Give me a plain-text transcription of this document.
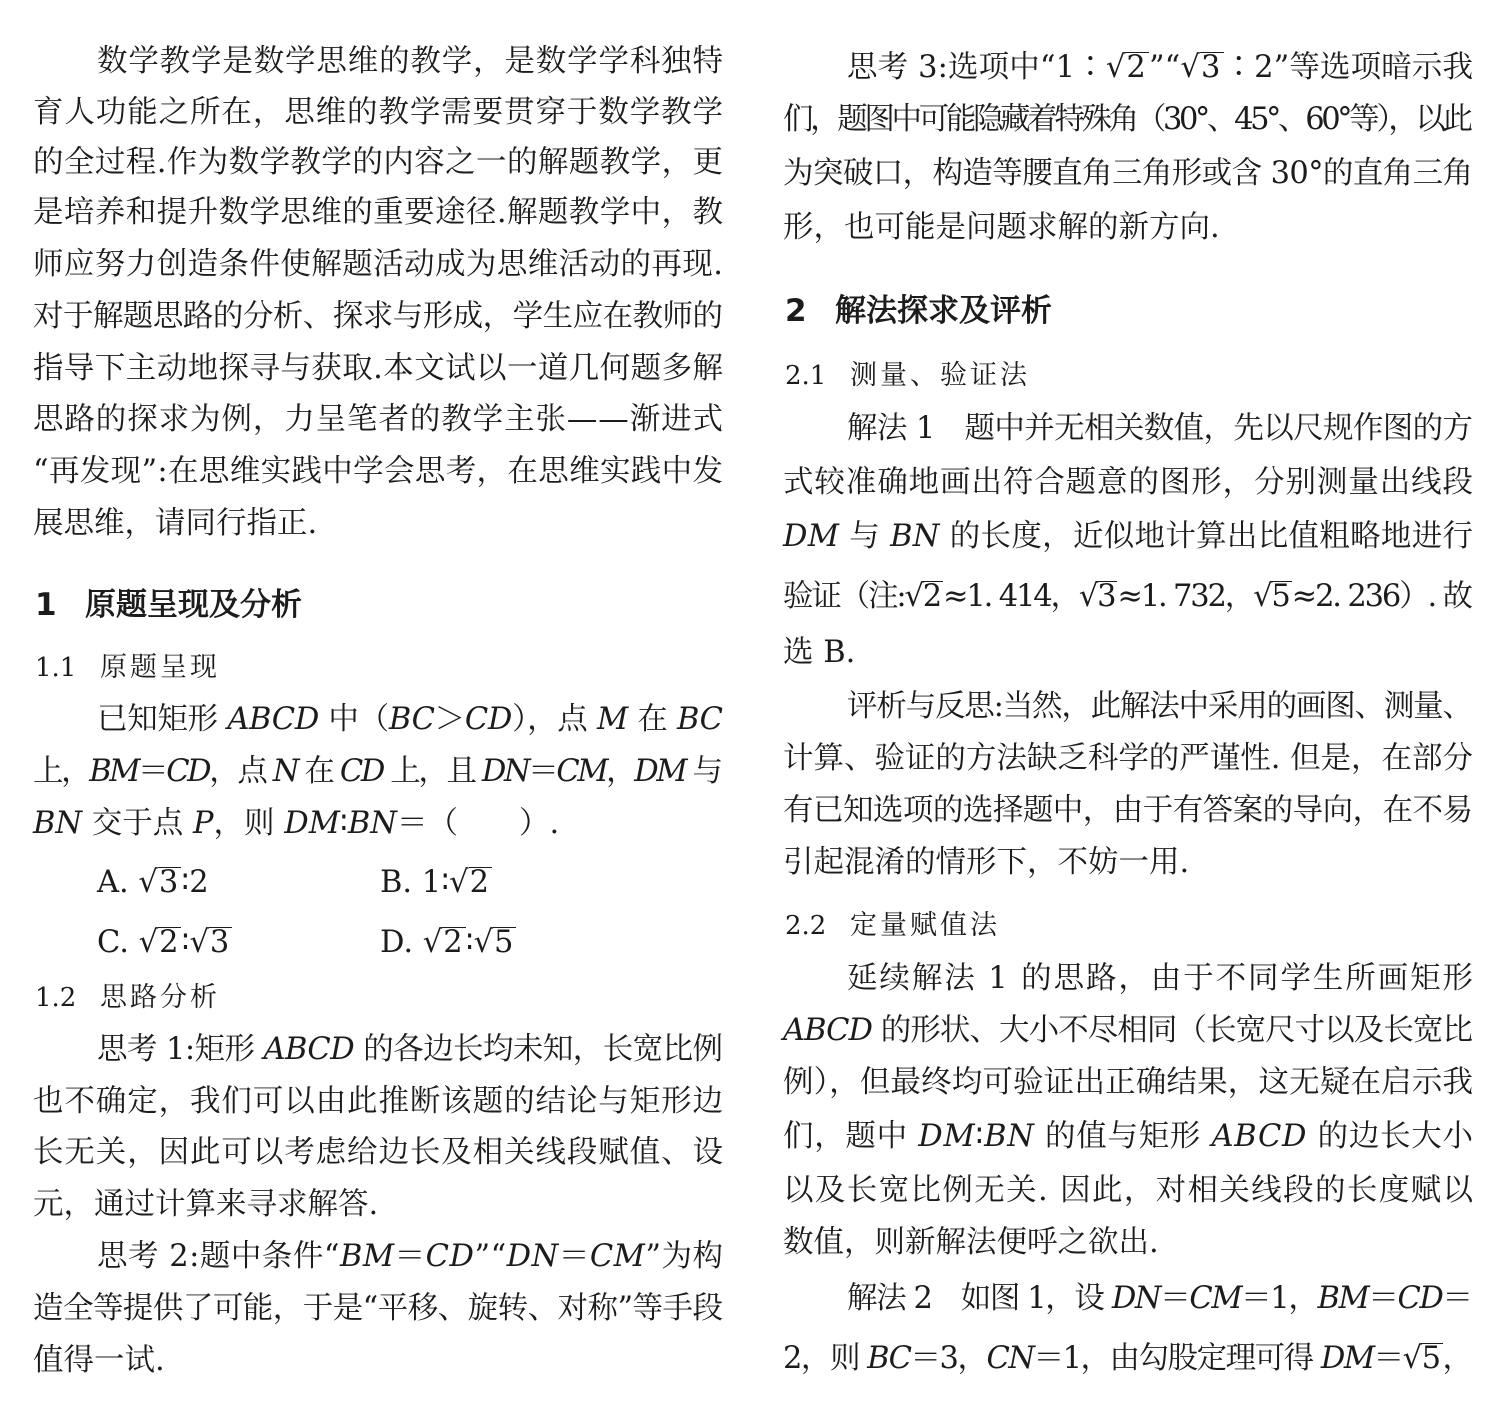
数学教学是数学思维的教学，是数学学科独特
育人功能之所在，思维的教学需要贯穿于数学教学
的全过程.作为数学教学的内容之一的解题教学，更
是培养和提升数学思维的重要途径.解题教学中，教
师应努力创造条件使解题活动成为思维活动的再现.
对于解题思路的分析、探求与形成，学生应在教师的
指导下主动地探寻与获取.本文试以一道几何题多解
思路的探求为例，力呈笔者的教学主张——渐进式
“再发现”:在思维实践中学会思考，在思维实践中发
展思维，请同行指正.
1 原题呈现及分析
1.1 原题呈现
已知矩形 ABCD 中（BC＞CD），点 M 在 BC
上，BM＝CD，点 N 在 CD 上，且 DN＝CM，DM 与
BN 交于点 P，则 DM∶BN＝（　　）.
A. √3∶2	B. 1∶√2
C. √2∶√3	D. √2∶√5
1.2 思路分析
思考 1:矩形 ABCD 的各边长均未知，长宽比例
也不确定，我们可以由此推断该题的结论与矩形边
长无关，因此可以考虑给边长及相关线段赋值、设
元，通过计算来寻求解答.
思考 2:题中条件“BM＝CD”“DN＝CM”为构
造全等提供了可能，于是“平移、旋转、对称”等手段
值得一试.
思考 3:选项中“1∶√2”“√3∶2”等选项暗示我
们，题图中可能隐藏着特殊角（30°、45°、60°等），以此
为突破口，构造等腰直角三角形或含 30°的直角三角
形，也可能是问题求解的新方向.
2 解法探求及评析
2.1 测量、验证法
解法 1　题中并无相关数值，先以尺规作图的方
式较准确地画出符合题意的图形，分别测量出线段
DM 与 BN 的长度，近似地计算出比值粗略地进行
验证（注:√2≈1. 414，√3≈1. 732，√5≈2. 236）. 故
选 B.
评析与反思:当然，此解法中采用的画图、测量、
计算、验证的方法缺乏科学的严谨性. 但是，在部分
有已知选项的选择题中，由于有答案的导向，在不易
引起混淆的情形下，不妨一用.
2.2 定量赋值法
延续解法 1 的思路，由于不同学生所画矩形
ABCD 的形状、大小不尽相同（长宽尺寸以及长宽比
例），但最终均可验证出正确结果，这无疑在启示我
们，题中 DM∶BN 的值与矩形 ABCD 的边长大小
以及长宽比例无关. 因此，对相关线段的长度赋以
数值，则新解法便呼之欲出.
解法 2　如图 1，设 DN＝CM＝1，BM＝CD＝
2，则 BC＝3，CN＝1，由勾股定理可得 DM＝√5，
